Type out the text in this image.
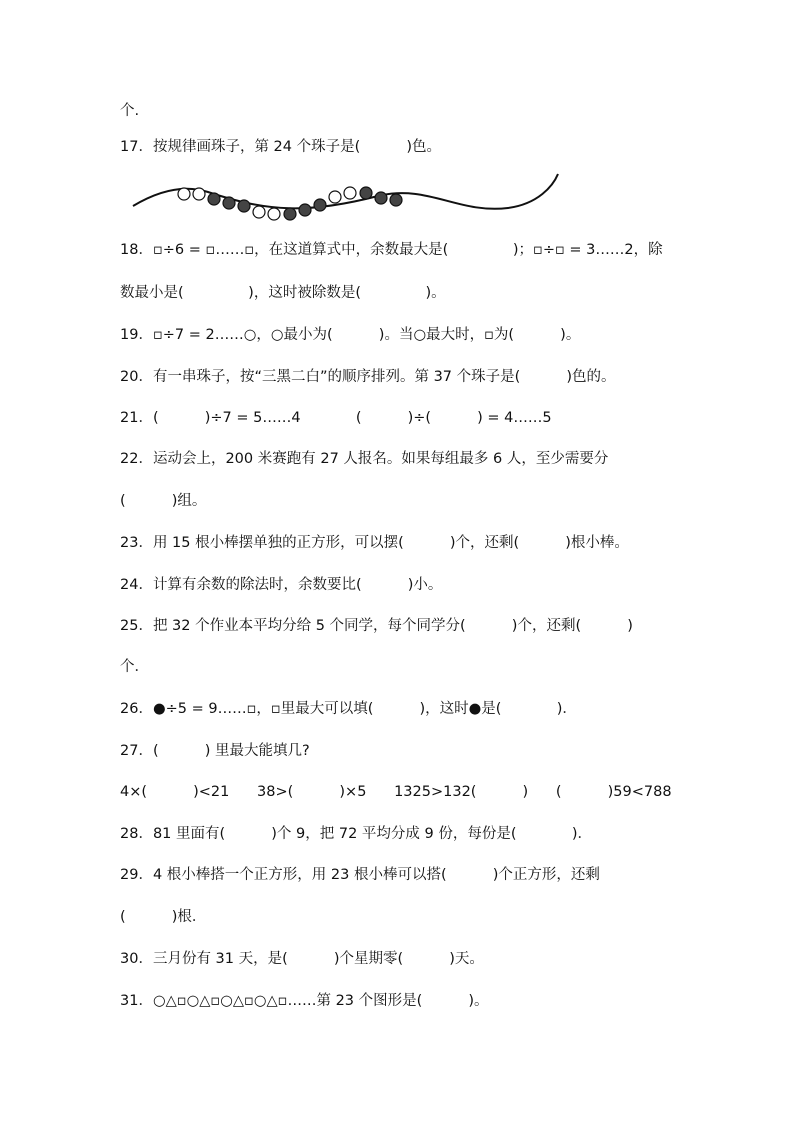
个.
17．按规律画珠子，第 24 个珠子是(          )色。
18．▫÷6 = ▫……▫，在这道算式中，余数最大是(              )；▫÷▫ = 3……2，除
数最小是(              )，这时被除数是(              )。
19．▫÷7 = 2……○，○最小为(          )。当○最大时，▫为(          )。
20．有一串珠子，按“三黑二白”的顺序排列。第 37 个珠子是(          )色的。
21．(          )÷7 = 5……4            (          )÷(          ) = 4……5
22．运动会上，200 米赛跑有 27 人报名。如果每组最多 6 人，至少需要分
(          )组。
23．用 15 根小棒摆单独的正方形，可以摆(          )个，还剩(          )根小棒。
24．计算有余数的除法时，余数要比(          )小。
25．把 32 个作业本平均分给 5 个同学，每个同学分(          )个，还剩(          )
个．
26．●÷5 = 9……▫，▫里最大可以填(          )，这时●是(            )．
27．(          ) 里最大能填几?
4×(          )<21      38>(          )×5      1325>132(          )      (          )59<788
28．81 里面有(          )个 9，把 72 平均分成 9 份，每份是(            )．
29．4 根小棒搭一个正方形，用 23 根小棒可以搭(          )个正方形，还剩
(          )根．
30．三月份有 31 天，是(          )个星期零(          )天。
31．○△▫○△▫○△▫○△▫……第 23 个图形是(          )。
